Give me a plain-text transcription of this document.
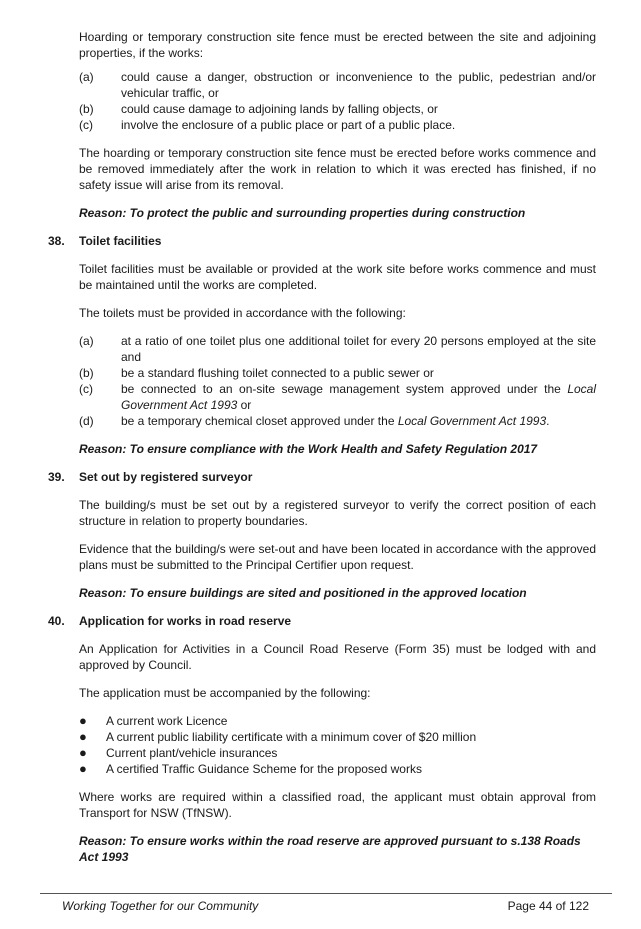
Hoarding or temporary construction site fence must be erected between the site and adjoining properties, if the works:

(a)	could cause a danger, obstruction or inconvenience to the public, pedestrian and/or vehicular traffic, or
(b)	could cause damage to adjoining lands by falling objects, or
(c)	involve the enclosure of a public place or part of a public place.

The hoarding or temporary construction site fence must be erected before works commence and be removed immediately after the work in relation to which it was erected has finished, if no safety issue will arise from its removal.

Reason: To protect the public and surrounding properties during construction

38.	Toilet facilities

Toilet facilities must be available or provided at the work site before works commence and must be maintained until the works are completed.

The toilets must be provided in accordance with the following:

(a)	at a ratio of one toilet plus one additional toilet for every 20 persons employed at the site and
(b)	be a standard flushing toilet connected to a public sewer or
(c)	be connected to an on-site sewage management system approved under the Local Government Act 1993 or
(d)	be a temporary chemical closet approved under the Local Government Act 1993.

Reason: To ensure compliance with the Work Health and Safety Regulation 2017

39.	Set out by registered surveyor

The building/s must be set out by a registered surveyor to verify the correct position of each structure in relation to property boundaries.

Evidence that the building/s were set-out and have been located in accordance with the approved plans must be submitted to the Principal Certifier upon request.

Reason: To ensure buildings are sited and positioned in the approved location

40.	Application for works in road reserve

An Application for Activities in a Council Road Reserve (Form 35) must be lodged with and approved by Council.

The application must be accompanied by the following:

●	A current work Licence
●	A current public liability certificate with a minimum cover of $20 million
●	Current plant/vehicle insurances
●	A certified Traffic Guidance Scheme for the proposed works

Where works are required within a classified road, the applicant must obtain approval from Transport for NSW (TfNSW).

Reason: To ensure works within the road reserve are approved pursuant to s.138 Roads Act 1993

Working Together for our Community	Page 44 of 122
